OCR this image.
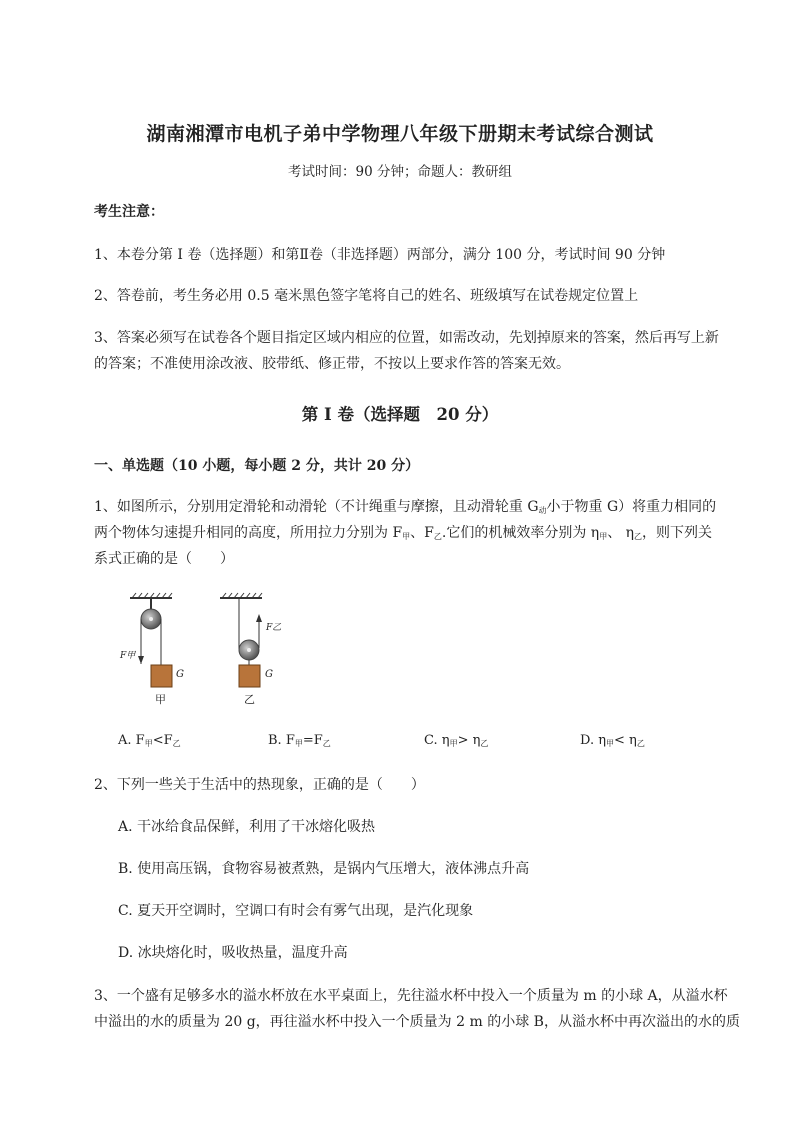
湖南湘潭市电机子弟中学物理八年级下册期末考试综合测试
考试时间：90 分钟；命题人：教研组
考生注意：
1、本卷分第 I 卷（选择题）和第Ⅱ卷（非选择题）两部分，满分 100 分，考试时间 90 分钟
2、答卷前，考生务必用 0.5 毫米黑色签字笔将自己的姓名、班级填写在试卷规定位置上
3、答案必须写在试卷各个题目指定区域内相应的位置，如需改动，先划掉原来的答案，然后再写上新
的答案；不准使用涂改液、胶带纸、修正带，不按以上要求作答的答案无效。
第 I 卷（选择题　20 分）
一、单选题（10 小题，每小题 2 分，共计 20 分）
1、如图所示，分别用定滑轮和动滑轮（不计绳重与摩擦，且动滑轮重 $G_动$小于物重 G）将重力相同的
两个物体匀速提升相同的高度，所用拉力分别为 $F_甲$、$F_乙$.它们的机械效率分别为 $\eta_甲$、 $\eta_乙$，则下列关
系式正确的是（　　）
F甲
G
甲
F乙
G
乙
A. $F_甲<F_乙$	B. $F_甲=F_乙$	C. $\eta_甲> \eta_乙$	D. $\eta_甲< \eta_乙$
2、下列一些关于生活中的热现象，正确的是（　　）
A. 干冰给食品保鲜，利用了干冰熔化吸热
B. 使用高压锅，食物容易被煮熟，是锅内气压增大，液体沸点升高
C. 夏天开空调时，空调口有时会有雾气出现，是汽化现象
D. 冰块熔化时，吸收热量，温度升高
3、一个盛有足够多水的溢水杯放在水平桌面上，先往溢水杯中投入一个质量为 m 的小球 A，从溢水杯
中溢出的水的质量为 20 g，再往溢水杯中投入一个质量为 2 m 的小球 B，从溢水杯中再次溢出的水的质
